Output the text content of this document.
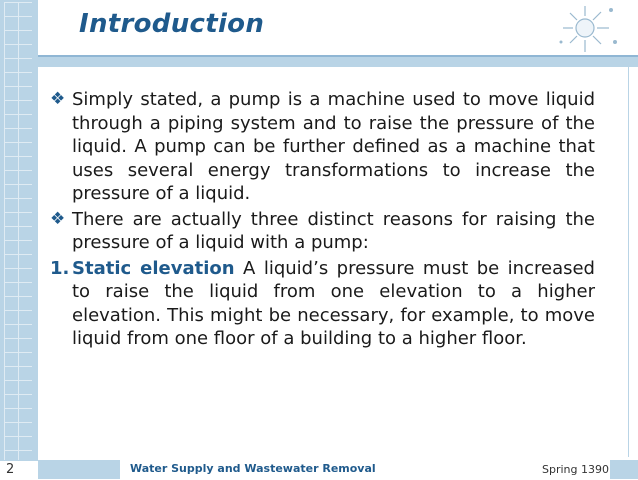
Introduction

❖ Simply stated, a pump is a machine used to move liquid through a piping system and to raise the pressure of the liquid. A pump can be further defined as a machine that uses several energy transformations to increase the pressure of a liquid.

❖ There are actually three distinct reasons for raising the pressure of a liquid with a pump:

1. Static elevation A liquid’s pressure must be increased to raise the liquid from one elevation to a higher elevation. This might be necessary, for example, to move liquid from one floor of a building to a higher floor.

2	Water Supply and Wastewater Removal	Spring 1390
